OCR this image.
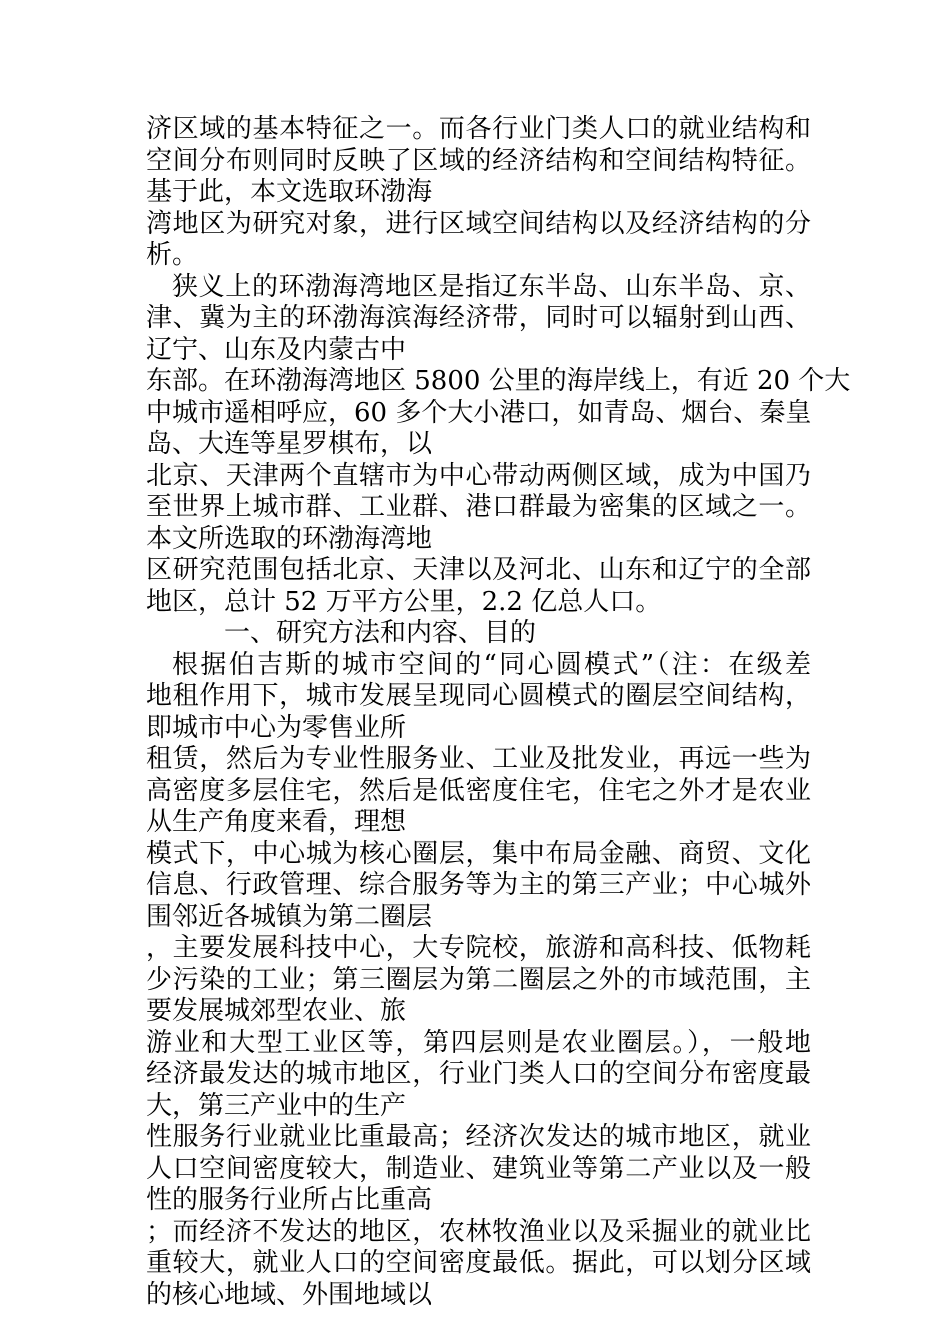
济区域的基本特征之一。而各行业门类人口的就业结构和
空间分布则同时反映了区域的经济结构和空间结构特征。
基于此，本文选取环渤海
湾地区为研究对象，进行区域空间结构以及经济结构的分
析。
狭义上的环渤海湾地区是指辽东半岛、山东半岛、京、
津、冀为主的环渤海滨海经济带，同时可以辐射到山西、
辽宁、山东及内蒙古中
东部。在环渤海湾地区 5800 公里的海岸线上，有近 20 个大
中城市遥相呼应，60 多个大小港口，如青岛、烟台、秦皇
岛、大连等星罗棋布，以
北京、天津两个直辖市为中心带动两侧区域，成为中国乃
至世界上城市群、工业群、港口群最为密集的区域之一。
本文所选取的环渤海湾地
区研究范围包括北京、天津以及河北、山东和辽宁的全部
地区，总计 52 万平方公里，2.2 亿总人口。
一、研究方法和内容、目的
根据伯吉斯的城市空间的“同心圆模式”（注：在级差
地租作用下，城市发展呈现同心圆模式的圈层空间结构，
即城市中心为零售业所
租赁，然后为专业性服务业、工业及批发业，再远一些为
高密度多层住宅，然后是低密度住宅，住宅之外才是农业
从生产角度来看，理想
模式下，中心城为核心圈层，集中布局金融、商贸、文化
信息、行政管理、综合服务等为主的第三产业；中心城外
围邻近各城镇为第二圈层
，主要发展科技中心，大专院校，旅游和高科技、低物耗
少污染的工业；第三圈层为第二圈层之外的市域范围，主
要发展城郊型农业、旅
游业和大型工业区等，第四层则是农业圈层。），一般地
经济最发达的城市地区，行业门类人口的空间分布密度最
大，第三产业中的生产
性服务行业就业比重最高；经济次发达的城市地区，就业
人口空间密度较大，制造业、建筑业等第二产业以及一般
性的服务行业所占比重高
；而经济不发达的地区，农林牧渔业以及采掘业的就业比
重较大，就业人口的空间密度最低。据此，可以划分区域
的核心地域、外围地域以
